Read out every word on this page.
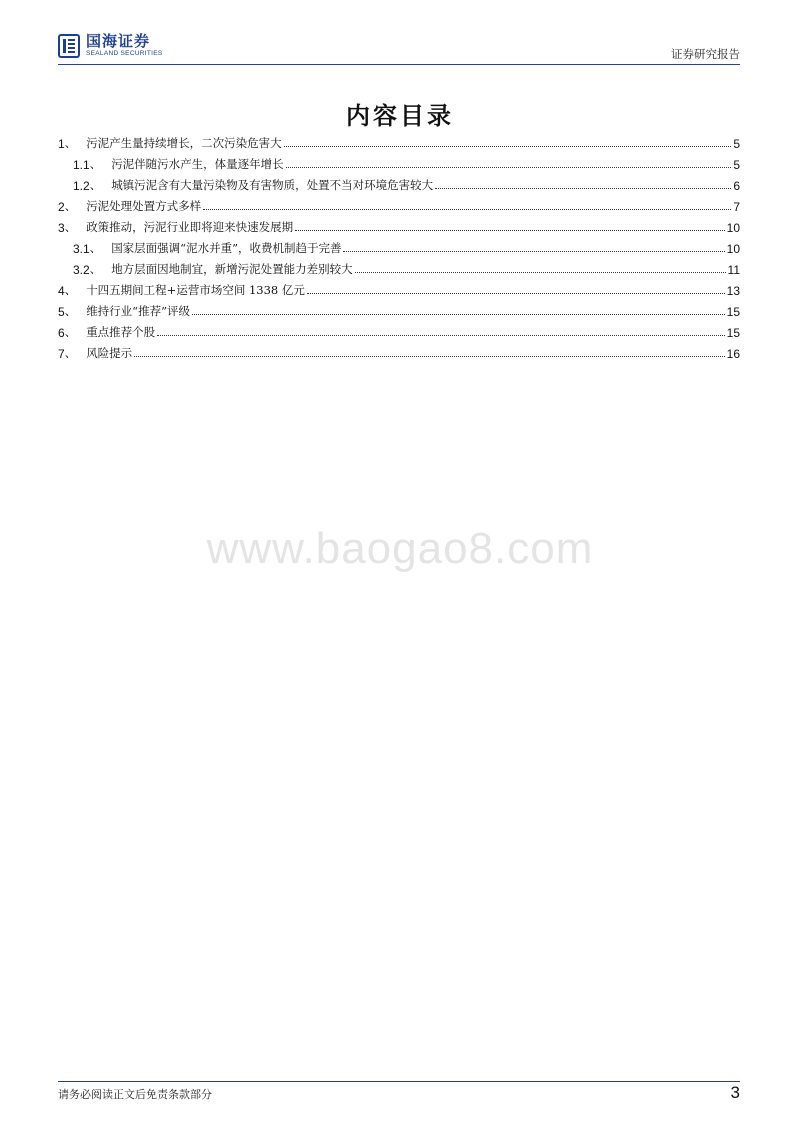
国海证券
SEALAND SECURITIES	证券研究报告
内容目录
1 、 污泥产生量持续增长，二次污染危害大	5
1.1 、 污泥伴随污水产生，体量逐年增长	5
1.2 、 城镇污泥含有大量污染物及有害物质，处置不当对环境危害较大	6
2 、 污泥处理处置方式多样	7
3 、 政策推动，污泥行业即将迎来快速发展期	10
3.1 、 国家层面强调“泥水并重”，收费机制趋于完善	10
3.2 、 地方层面因地制宜，新增污泥处置能力差别较大	11
4 、 十四五期间工程+运营市场空间 1338 亿元	13
5 、 维持行业“推荐”评级	15
6 、 重点推荐个股	15
7 、 风险提示	16
www.baogao8.com
请务必阅读正文后免责条款部分	3
